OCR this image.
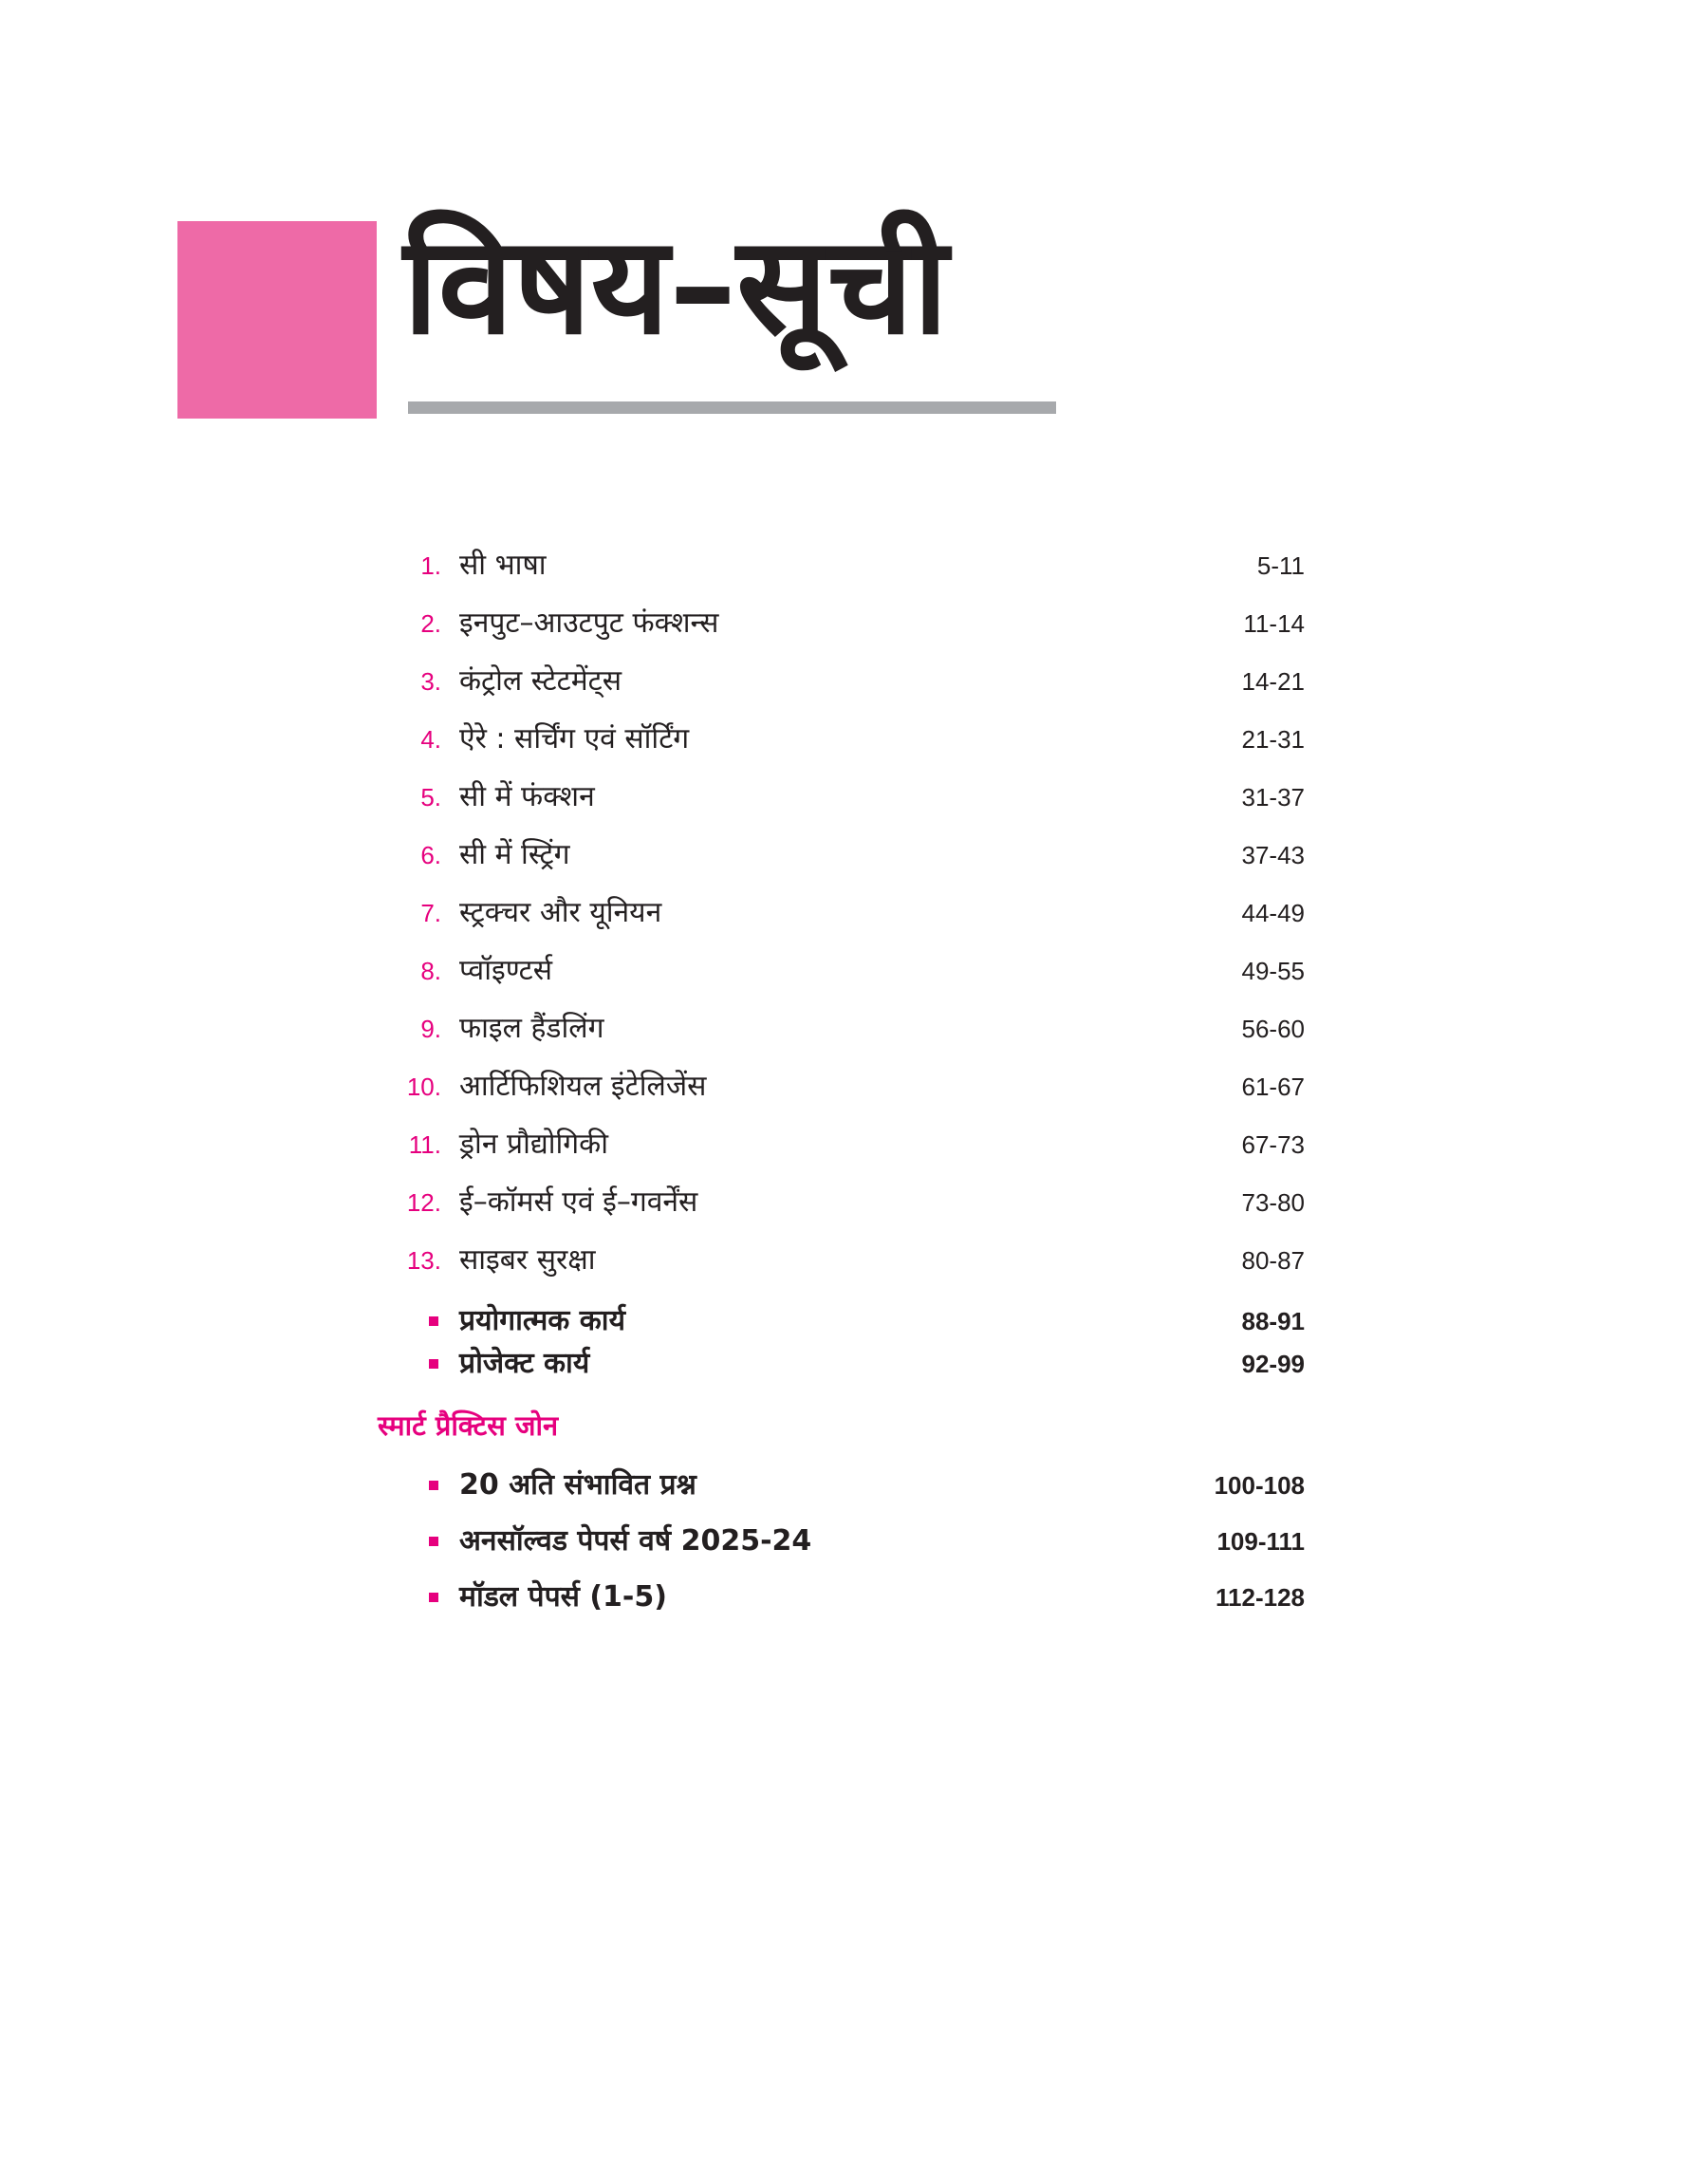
विषय–सूची
1. सी भाषा	5-11
2. इनपुट–आउटपुट फंक्शन्स	11-14
3. कंट्रोल स्टेटमेंट्स	14-21
4. ऐरे : सर्चिंग एवं सॉर्टिंग	21-31
5. सी में फंक्शन	31-37
6. सी में स्ट्रिंग	37-43
7. स्ट्रक्चर और यूनियन	44-49
8. प्वॉइण्टर्स	49-55
9. फाइल हैंडलिंग	56-60
10. आर्टिफिशियल इंटेलिजेंस	61-67
11. ड्रोन प्रौद्योगिकी	67-73
12. ई–कॉमर्स एवं ई–गवर्नेंस	73-80
13. साइबर सुरक्षा	80-87
प्रयोगात्मक कार्य	88-91
प्रोजेक्ट कार्य	92-99
स्मार्ट प्रैक्टिस जोन
20 अति संभावित प्रश्न	100-108
अनसॉल्वड पेपर्स वर्ष 2025-24	109-111
मॉडल पेपर्स (1-5)	112-128
